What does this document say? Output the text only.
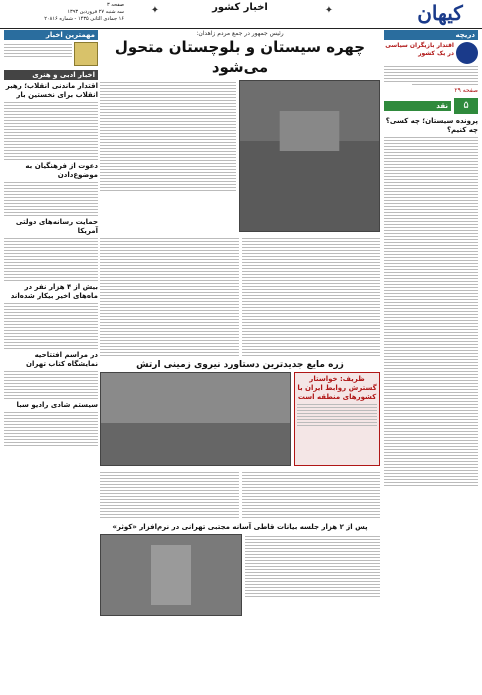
کیهان
✦
اخبار کشور
✦
صفحه ۳
سه شنبه ۲۷ فروردین ۱۳۹۳
۱۶ جمادی الثانی ۱۴۳۵ - شماره ۲۰۸۱۶
دریچه
اقتدار بازیگران سیاسی در یک کشور
صفحه ۲۹
۵
نقد
پرونده سیستان؛ چه کسی؟ چه کنیم؟
رئیس جمهور در جمع مردم زاهدان:
چهره سیستان و بلوچستان متحول می‌شود
زره مایع جدیدترین دستاورد نیروی زمینی ارتش
ظریف: خواستار گسترش روابط ایران با کشورهای منطقه است
پس از ۲ هزار جلسه بیانات قاطی آسانه مجتبی تهرانی در نرم‌افزار «کوثر»
مهمترین اخبار
اخبار ادبی و هنری
اقتدار ماندنی انقلاب؛ رهبر انقلاب برای نخستین بار
دعوت از فرهنگیان به موضوع‌دادن
حمایت رسانه‌های دولتی آمریکا
بیش از ۴ هزار نفر در ماه‌های اخیر بیکار شده‌اند
در مراسم افتتاحیه نمایشگاه کتاب تهران
سیستم شادی رادیو سبا
